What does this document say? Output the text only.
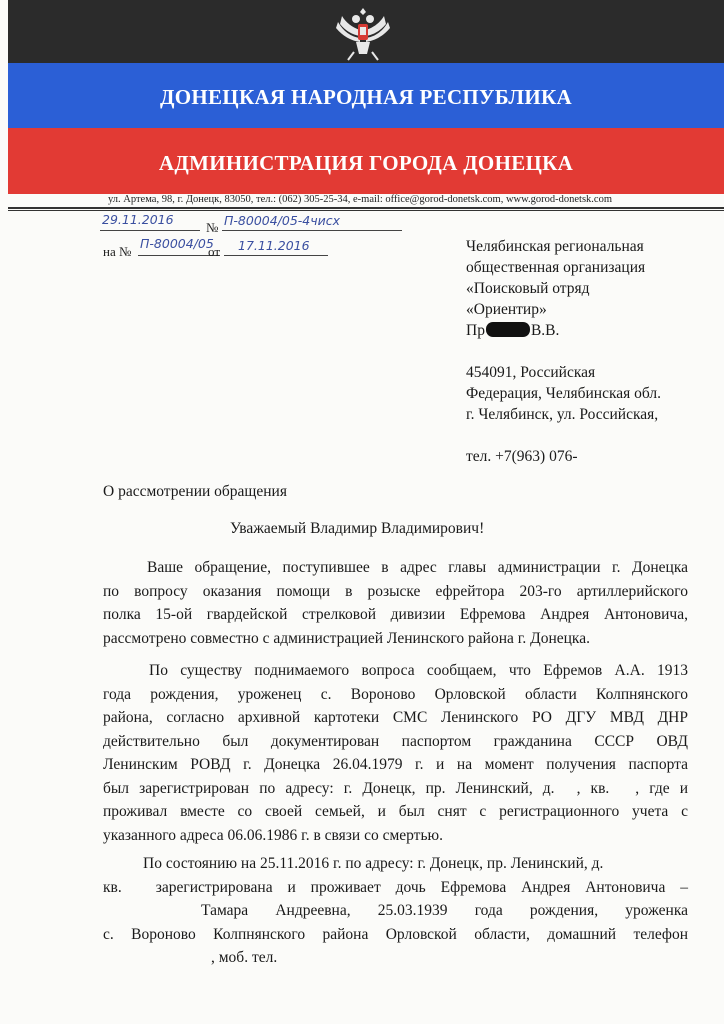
ДОНЕЦКАЯ НАРОДНАЯ РЕСПУБЛИКА
АДМИНИСТРАЦИЯ ГОРОДА ДОНЕЦКА
ул. Артема, 98, г. Донецк, 83050, тел.: (062) 305-25-34, e-mail: office@gorod-donetsk.com, www.gorod-donetsk.com
29.11.2016
№ П-80004/05-4чисх
на №
П-80004/05
от 17.11.2016	Челябинская региональная
общественная организация
«Поисковый отряд
«Ориентир»
Пр	В.В.
454091, Российская
Федерация, Челябинская обл.
г. Челябинск, ул. Российская,
тел. +7(963) 076-
О рассмотрении обращения
Уважаемый Владимир Владимирович!
Ваше обращение, поступившее в адрес главы администрации г. Донецка
по вопросу оказания помощи в розыске ефрейтора 203-го артиллерийского
полка 15-ой гвардейской стрелковой дивизии Ефремова Андрея Антоновича,
рассмотрено совместно с администрацией Ленинского района г. Донецка.
По существу поднимаемого вопроса сообщаем, что Ефремов А.А. 1913
года рождения, уроженец с. Вороново Орловской области Колпнянского
района, согласно архивной картотеки СМС Ленинского РО ДГУ МВД ДНР
действительно был документирован паспортом гражданина СССР ОВД
Ленинским РОВД г. Донецка 26.04.1979 г. и на момент получения паспорта
был зарегистрирован по адресу: г. Донецк, пр. Ленинский, д. , кв. , где и
проживал вместе со своей семьей, и был снят с регистрационного учета с
указанного адреса 06.06.1986 г. в связи со смертью.
По состоянию на 25.11.2016 г. по адресу: г. Донецк, пр. Ленинский, д.
кв. зарегистрирована и проживает дочь Ефремова Андрея Антоновича –
Тамара Андреевна, 25.03.1939 года рождения, уроженка
с. Вороново Колпнянского района Орловской области, домашний телефон
, моб. тел.
